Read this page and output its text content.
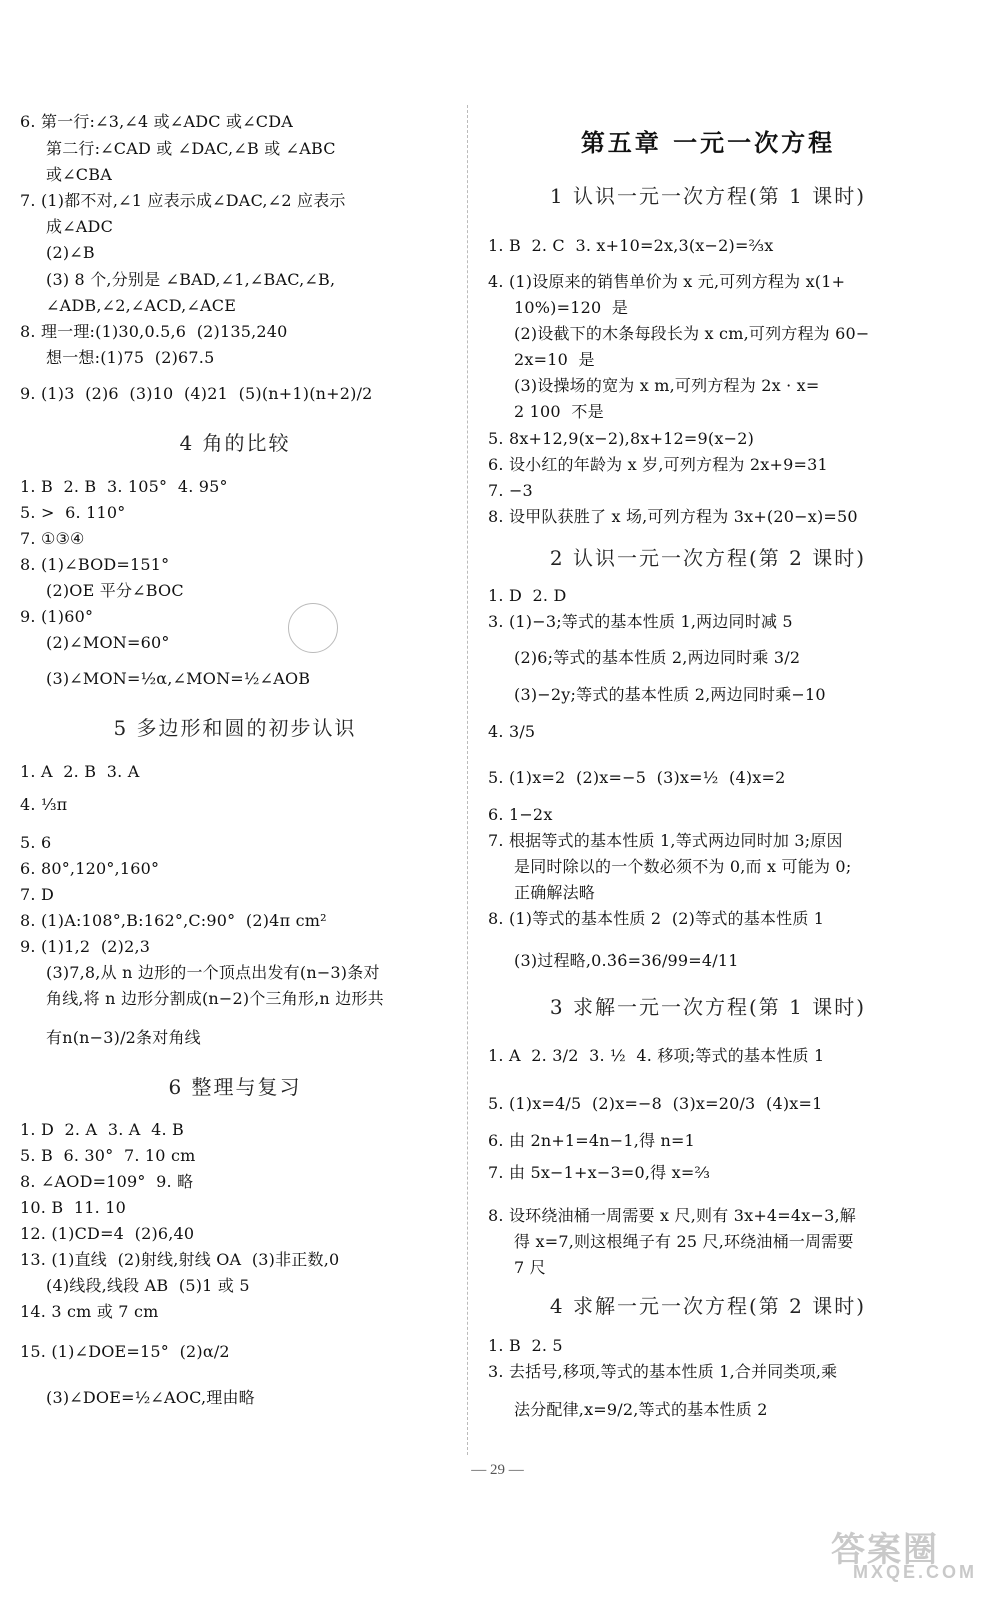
4 角的比较
5 多边形和圆的初步认识
6 整理与复习
6. 第一行:∠3,∠4 或∠ADC 或∠CDA
第二行:∠CAD 或 ∠DAC,∠B 或 ∠ABC
或∠CBA
7. (1)都不对,∠1 应表示成∠DAC,∠2 应表示
成∠ADC
(2)∠B
(3) 8 个,分别是 ∠BAD,∠1,∠BAC,∠B,
∠ADB,∠2,∠ACD,∠ACE
8. 理一理:(1)30,0.5,6  (2)135,240
想一想:(1)75  (2)67.5
9. (1)3  (2)6  (3)10  (4)21  (5)(n+1)(n+2)/2
1. B  2. B  3. 105°  4. 95°
5. >  6. 110°
7. ①③④
8. (1)∠BOD=151°
(2)OE 平分∠BOC
9. (1)60°
(2)∠MON=60°
(3)∠MON=½α,∠MON=½∠AOB
1. A  2. B  3. A
4. ⅓π
5. 6
6. 80°,120°,160°
7. D
8. (1)A:108°,B:162°,C:90°  (2)4π cm²
9. (1)1,2  (2)2,3
(3)7,8,从 n 边形的一个顶点出发有(n−3)条对
角线,将 n 边形分割成(n−2)个三角形,n 边形共
有n(n−3)/2条对角线
1. D  2. A  3. A  4. B
5. B  6. 30°  7. 10 cm
8. ∠AOD=109°  9. 略
10. B  11. 10
12. (1)CD=4  (2)6,40
13. (1)直线  (2)射线,射线 OA  (3)非正数,0
(4)线段,线段 AB  (5)1 或 5
14. 3 cm 或 7 cm
15. (1)∠DOE=15°  (2)α/2
(3)∠DOE=½∠AOC,理由略
第五章 一元一次方程
1 认识一元一次方程(第 1 课时)
2 认识一元一次方程(第 2 课时)
3 求解一元一次方程(第 1 课时)
4 求解一元一次方程(第 2 课时)
1. B  2. C  3. x+10=2x,3(x−2)=⅔x
4. (1)设原来的销售单价为 x 元,可列方程为 x(1+
10%)=120  是
(2)设截下的木条每段长为 x cm,可列方程为 60−
2x=10  是
(3)设操场的宽为 x m,可列方程为 2x · x=
2 100  不是
5. 8x+12,9(x−2),8x+12=9(x−2)
6. 设小红的年龄为 x 岁,可列方程为 2x+9=31
7. −3
8. 设甲队获胜了 x 场,可列方程为 3x+(20−x)=50
1. D  2. D
3. (1)−3;等式的基本性质 1,两边同时减 5
(2)6;等式的基本性质 2,两边同时乘 3/2
(3)−2y;等式的基本性质 2,两边同时乘−10
4. 3/5
5. (1)x=2  (2)x=−5  (3)x=½  (4)x=2
6. 1−2x
7. 根据等式的基本性质 1,等式两边同时加 3;原因
是同时除以的一个数必须不为 0,而 x 可能为 0;
正确解法略
8. (1)等式的基本性质 2  (2)等式的基本性质 1
(3)过程略,0.3̇6̇=36/99=4/11
1. A  2. 3/2  3. ½  4. 移项;等式的基本性质 1
5. (1)x=4/5  (2)x=−8  (3)x=20/3  (4)x=1
6. 由 2n+1=4n−1,得 n=1
7. 由 5x−1+x−3=0,得 x=⅔
8. 设环绕油桶一周需要 x 尺,则有 3x+4=4x−3,解
得 x=7,则这根绳子有 25 尺,环绕油桶一周需要
7 尺
1. B  2. 5
3. 去括号,移项,等式的基本性质 1,合并同类项,乘
法分配律,x=9/2,等式的基本性质 2
— 29 —
答案圈
MXQE.COM
